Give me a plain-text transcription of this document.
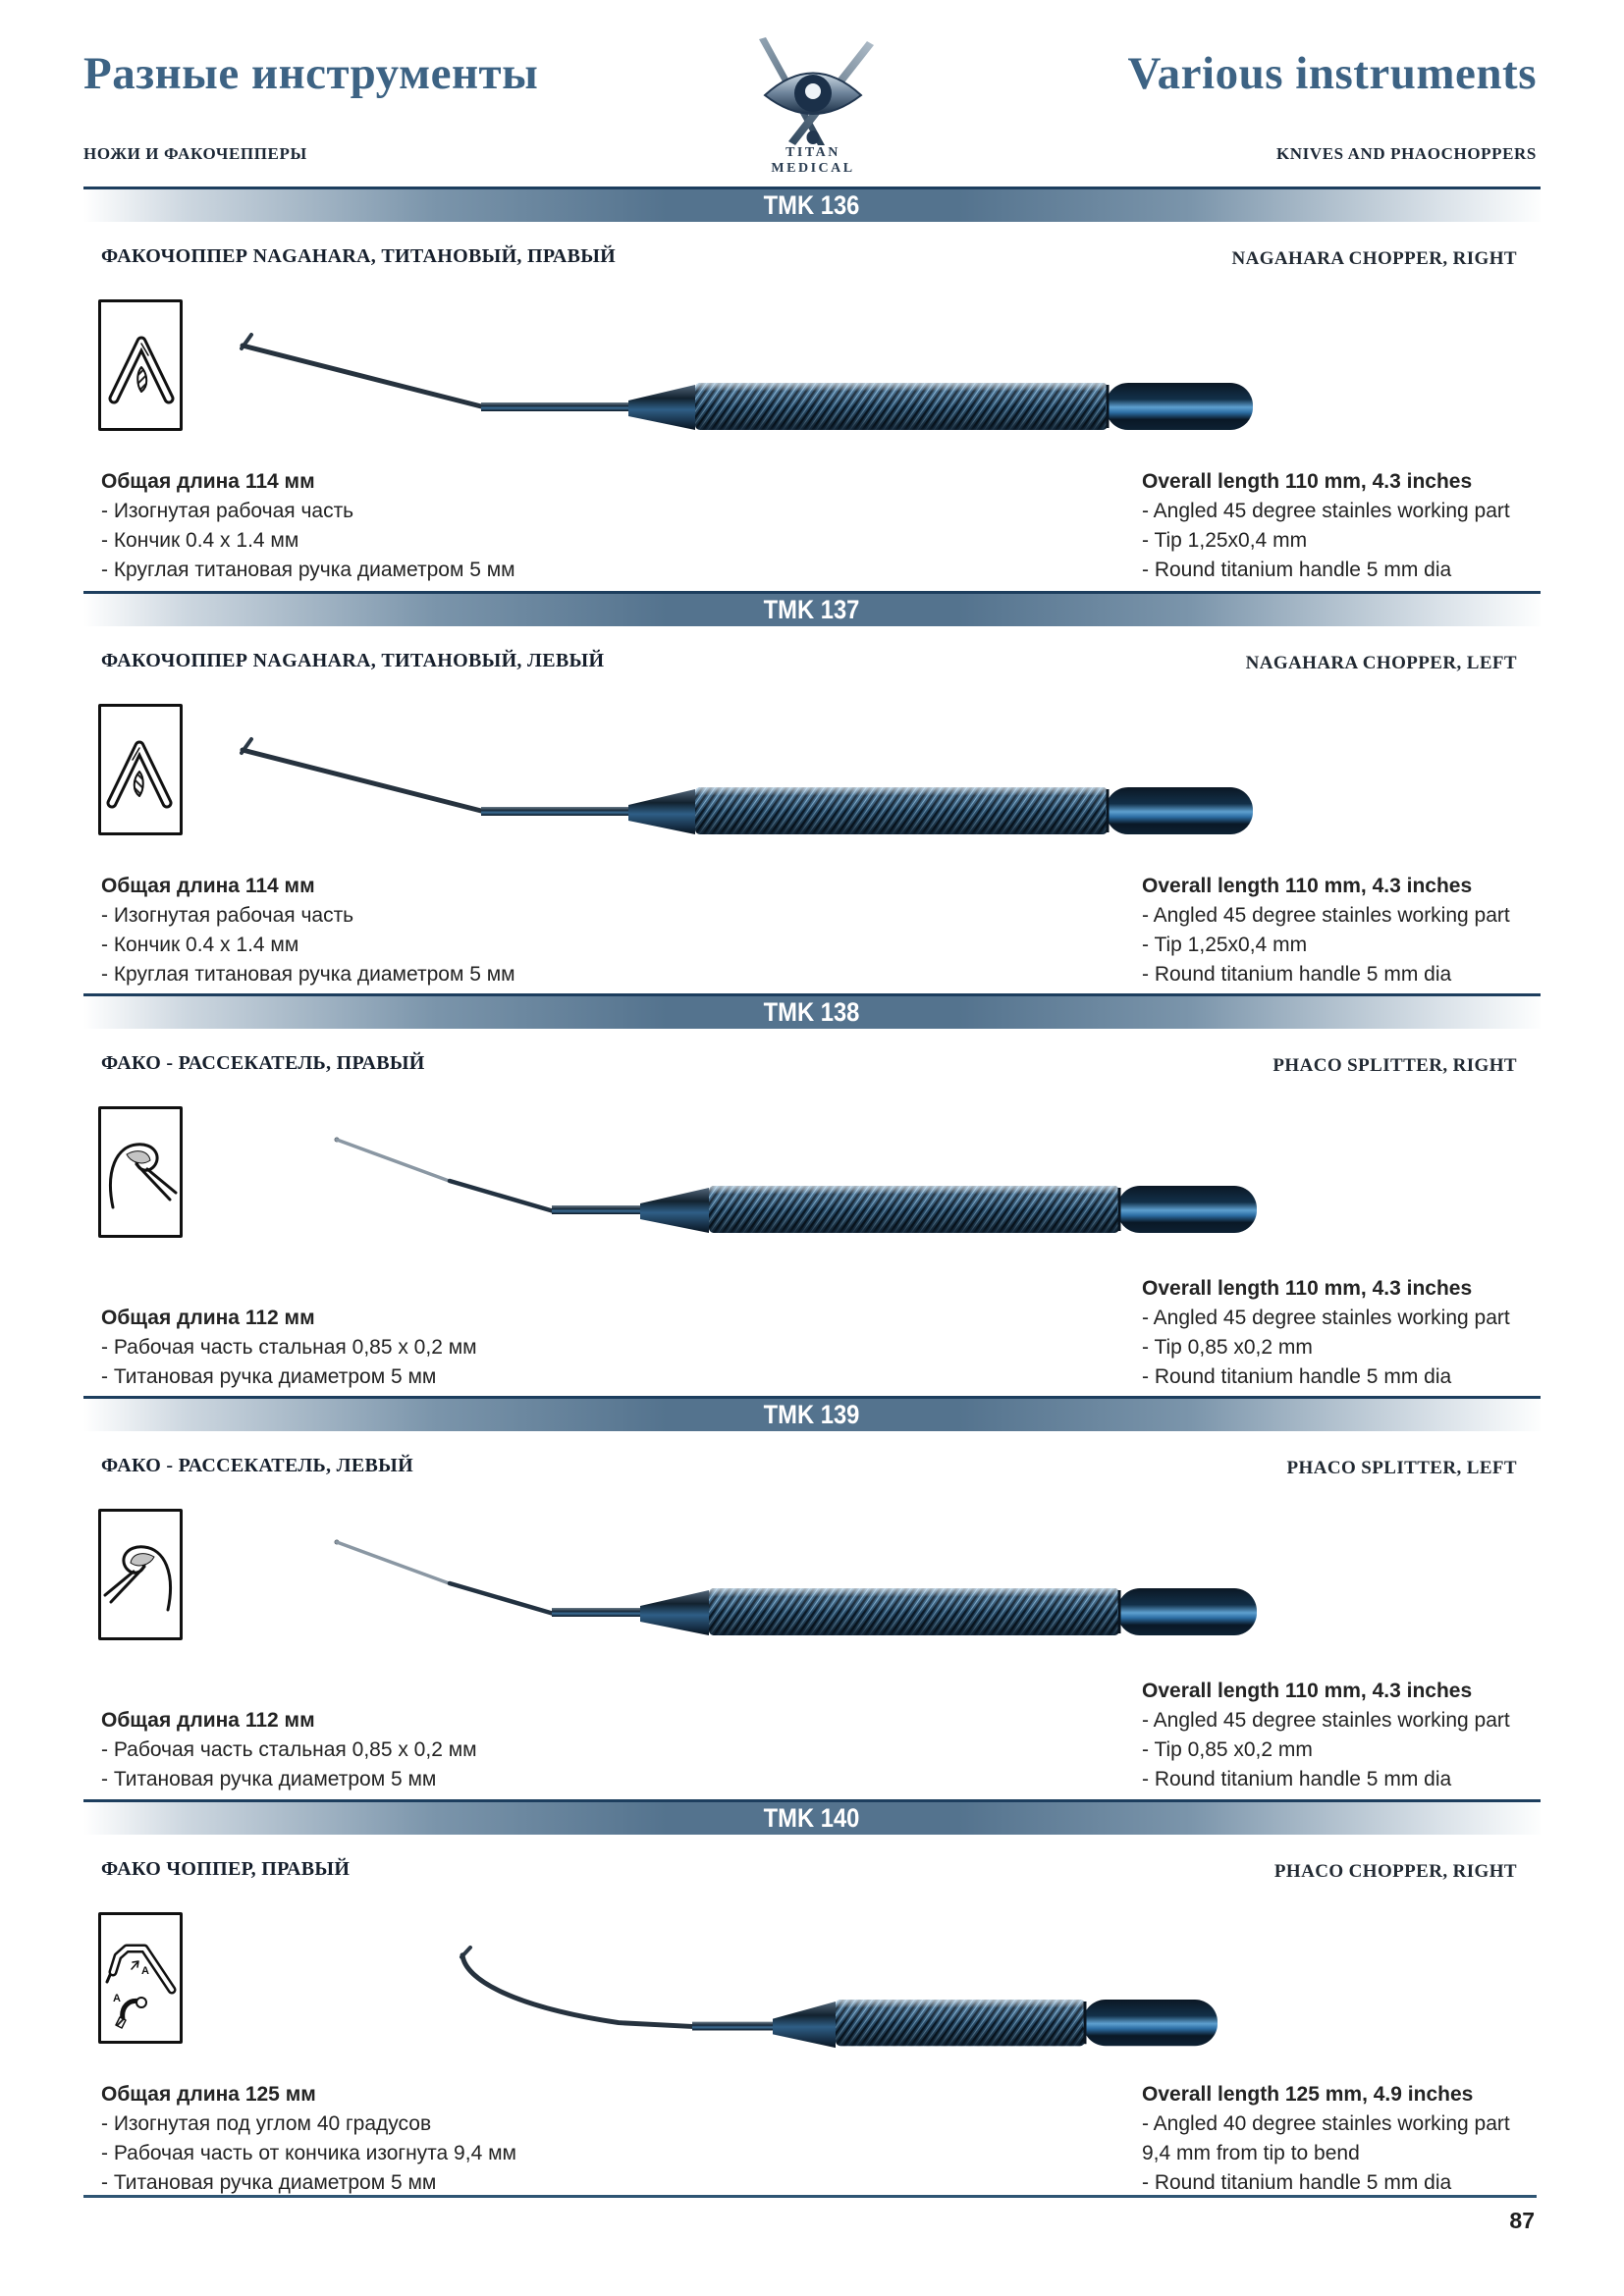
Разные инструменты	Various instruments
НОЖИ И ФАКОЧЕППЕРЫ	KNIVES AND PHAOCHOPPERS
TITAN
MEDICAL
TMK 136
ФАКОЧОППЕР NAGAHARA, ТИТАНОВЫЙ, ПРАВЫЙ	NAGAHARA CHOPPER, RIGHT
Общая длина 114 мм
- Изогнутая рабочая часть
- Кончик 0.4 х 1.4 мм
- Круглая титановая ручка диаметром 5 мм
Overall length 110 mm, 4.3 inches
- Angled 45 degree stainles working part
- Tip 1,25x0,4 mm
- Round titanium handle 5 mm dia
TMK 137
ФАКОЧОППЕР NAGAHARA, ТИТАНОВЫЙ, ЛЕВЫЙ	NAGAHARA CHOPPER, LEFT
Общая длина 114 мм
- Изогнутая рабочая часть
- Кончик 0.4 х 1.4 мм
- Круглая титановая ручка диаметром 5 мм
Overall length 110 mm, 4.3 inches
- Angled 45 degree stainles working part
- Tip 1,25x0,4 mm
- Round titanium handle 5 mm dia
TMK 138
ФАКО - РАССЕКАТЕЛЬ, ПРАВЫЙ	PHACO SPLITTER, RIGHT
Общая длина 112 мм
- Рабочая часть стальная 0,85 х 0,2 мм
- Титановая ручка диаметром 5 мм
Overall length 110 mm, 4.3 inches
- Angled 45 degree stainles working part
- Tip 0,85 x0,2 mm
- Round titanium handle 5 mm dia
TMK 139
ФАКО - РАССЕКАТЕЛЬ, ЛЕВЫЙ	PHACO SPLITTER, LEFT
Общая длина 112 мм
- Рабочая часть стальная 0,85 х 0,2 мм
- Титановая ручка диаметром 5 мм
Overall length 110 mm, 4.3 inches
- Angled 45 degree stainles working part
- Tip 0,85 x0,2 mm
- Round titanium handle 5 mm dia
TMK 140
ФАКО ЧОППЕР, ПРАВЫЙ	PHACO CHOPPER, RIGHT
A
A
Общая длина 125 мм
- Изогнутая под углом 40 градусов
- Рабочая часть от кончика изогнута 9,4 мм
- Титановая ручка диаметром 5 мм
Overall length 125 mm, 4.9 inches
- Angled 40 degree stainles working part
9,4 mm from tip to bend
- Round titanium handle 5 mm dia
87
